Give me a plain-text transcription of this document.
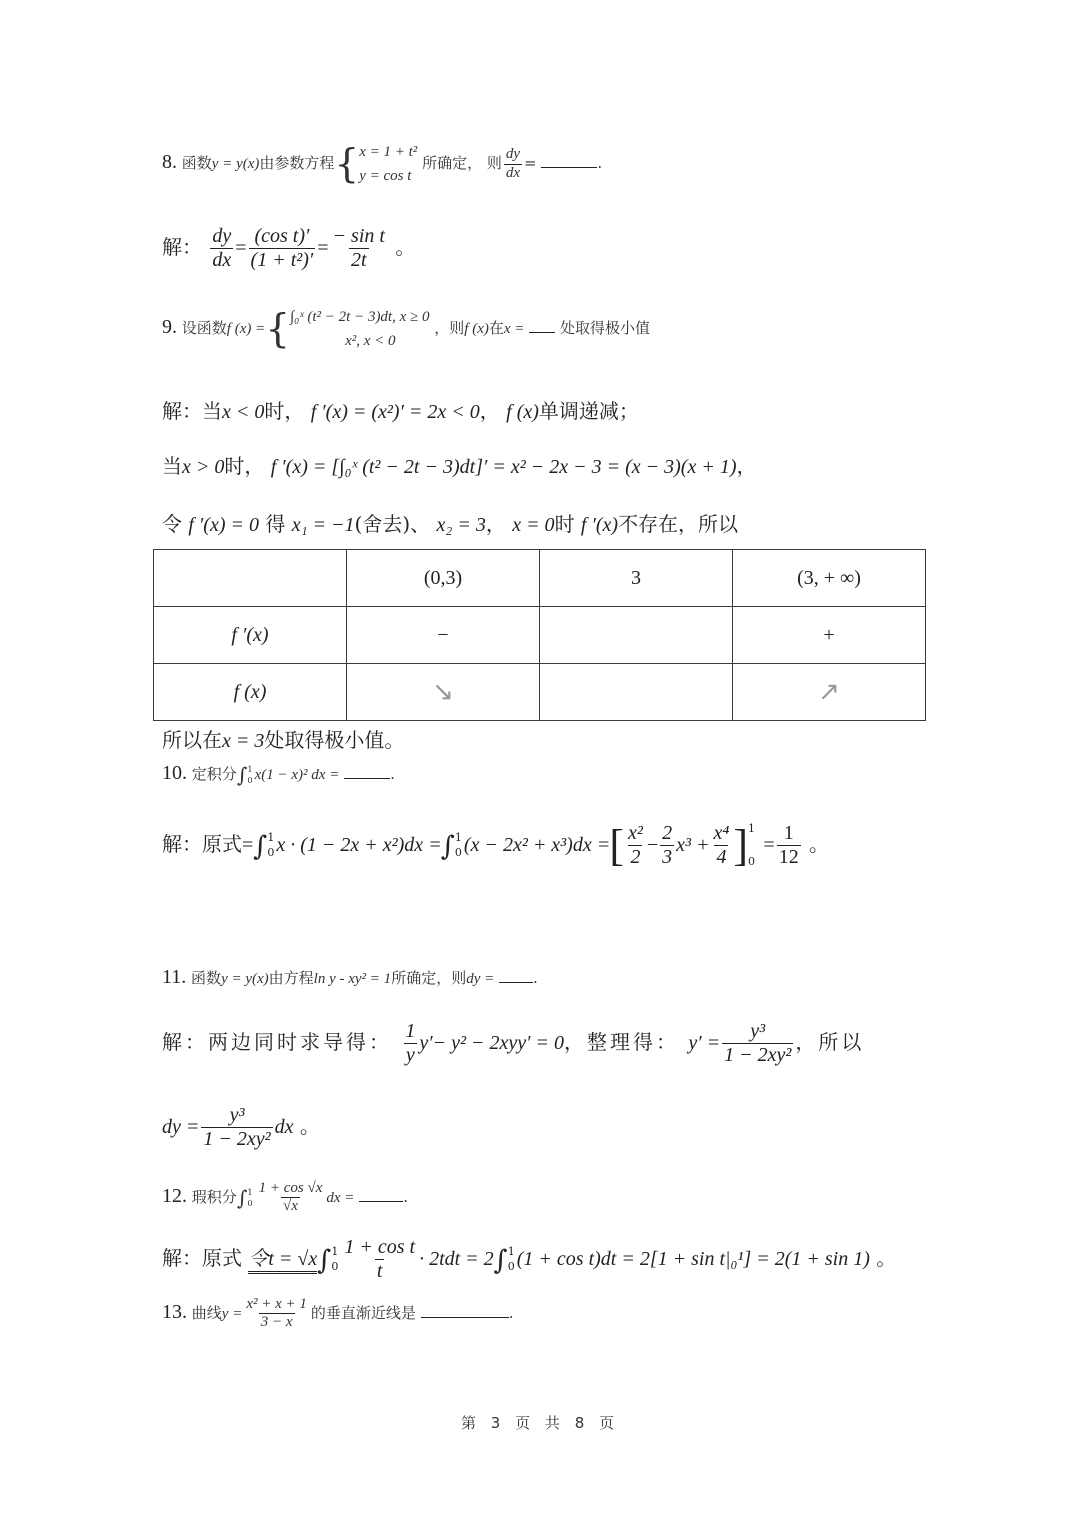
8. 函数y = y(x)由参数方程{ x = 1 + t²
y = cos t
所确定， 则 $\frac{dy}{dx}$ =	.
解： $\frac{dy}{dx} = \frac{\text{(cos t)′}}{\text{(1 + t²)′}} = \frac{\text{− sin t}}{2t}$ 。
9. 设函数f (x) ={ ∫₀ˣ (t² − 2t − 3)dt, x ≥ 0
x², x < 0
，则f (x)在x = 处取得极小值
解：当x < 0时， f ′(x) = (x²)′ = 2x < 0， f (x)单调递减；
当x > 0时， f ′(x) = [∫₀ˣ (t² − 2t − 3)dt]′ = x² − 2x − 3 = (x − 3)(x + 1)，
令 f ′(x) = 0 得 x₁ = −1(舍去)、 x₂ = 3， x = 0时 f ′(x)不存在，所以
	(0,3)	3	(3, + ∞)
f ′(x)	−		+
f (x)	↘		↗
所以在x = 3处取得极小值。
10. 定积分∫ 1
0 x(1 − x)² dx =	.
解：原式=∫ 1
0 x · (1 − 2x + x²)dx =∫ 1
0 (x − 2x² + x³)dx =[ $\frac{\text{x²}}{2} - \frac{2}{3} x^3 + \frac{\text{x⁴}}{4}$ ] 1
0
= $\frac{1}{12}$ 。
11. 函数y = y(x)由方程ln y - xy² = 1所确定，则dy =	.
解：两边同时求导得： $\frac{1}{y} y'- y^2 - 2xyy' = 0$，整理得： $y' = \frac{\text{y³}}{\text{1 − 2xy²}}$ ，所以
dy = $\frac{\text{y³}}{\text{1 − 2xy²}}$ dx 。
12. 瑕积分∫ 1
$0 \frac{1 + \cos √x}{√x}$ dx =	.
解：原式 令t = √x∫ 1
$0 \frac{\text{1 + cos t}}{t} \cdot 2tdt = 2\int$ 1
0 (1 + cos t)dt = 2[1 + sin t|₀¹] = 2(1 + sin 1) 。
13. 曲线$y = \frac{\text{x² + x + 1}}{3 - x}$ 的垂直渐近线是	.
第 3 页 共 8 页
